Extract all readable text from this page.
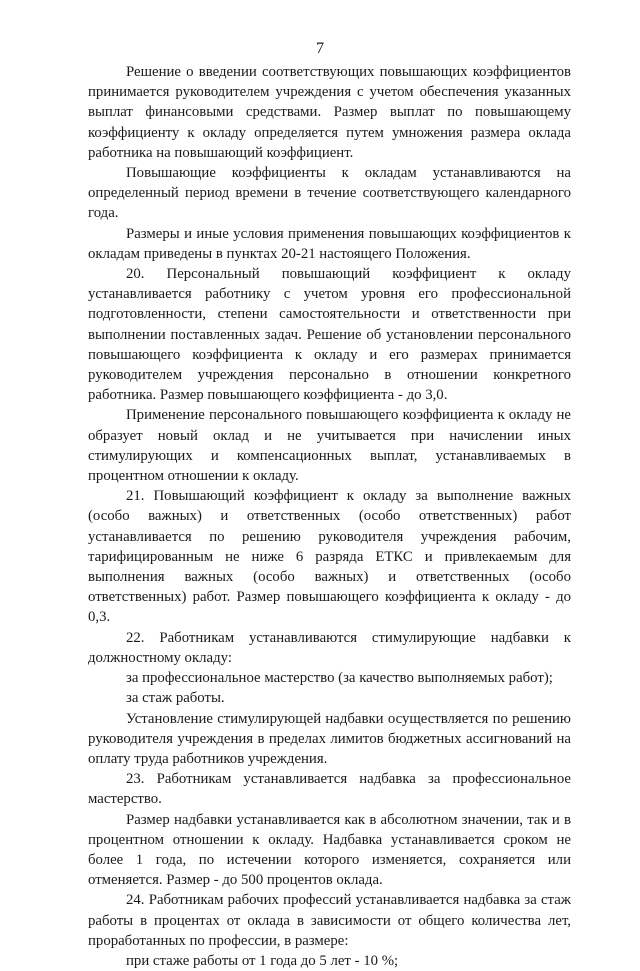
7

Решение о введении соответствующих повышающих коэффициентов принимается руководителем учреждения с учетом обеспечения указанных выплат финансовыми средствами. Размер выплат по повышающему коэффициенту к окладу определяется путем умножения размера оклада работника на повышающий коэффициент.

Повышающие коэффициенты к окладам устанавливаются на определенный период времени в течение соответствующего календарного года.

Размеры и иные условия применения повышающих коэффициентов к окладам приведены в пунктах 20-21 настоящего Положения.

20. Персональный повышающий коэффициент к окладу устанавливается работнику с учетом уровня его профессиональной подготовленности, степени самостоятельности и ответственности при выполнении поставленных задач. Решение об установлении персонального повышающего коэффициента к окладу и его размерах принимается руководителем учреждения персонально в отношении конкретного работника. Размер повышающего коэффициента - до 3,0.

Применение персонального повышающего коэффициента к окладу не образует новый оклад и не учитывается при начислении иных стимулирующих и компенсационных выплат, устанавливаемых в процентном отношении к окладу.

21. Повышающий коэффициент к окладу за выполнение важных (особо важных) и ответственных (особо ответственных) работ устанавливается по решению руководителя учреждения рабочим, тарифицированным не ниже 6 разряда ЕТКС и привлекаемым для выполнения важных (особо важных) и ответственных (особо ответственных) работ. Размер повышающего коэффициента к окладу - до 0,3.

22. Работникам устанавливаются стимулирующие надбавки к должностному окладу:

за профессиональное мастерство (за качество выполняемых работ);

за стаж работы.

Установление стимулирующей надбавки осуществляется по решению руководителя учреждения в пределах лимитов бюджетных ассигнований на оплату труда работников учреждения.

23. Работникам устанавливается надбавка за профессиональное мастерство.

Размер надбавки устанавливается как в абсолютном значении, так и в процентном отношении к окладу. Надбавка устанавливается сроком не более 1 года, по истечении которого изменяется, сохраняется или отменяется. Размер - до 500 процентов оклада.

24. Работникам рабочих профессий устанавливается надбавка за стаж работы в процентах от оклада в зависимости от общего количества лет, проработанных по профессии, в размере:

при стаже работы от 1 года до 5 лет - 10 %;
